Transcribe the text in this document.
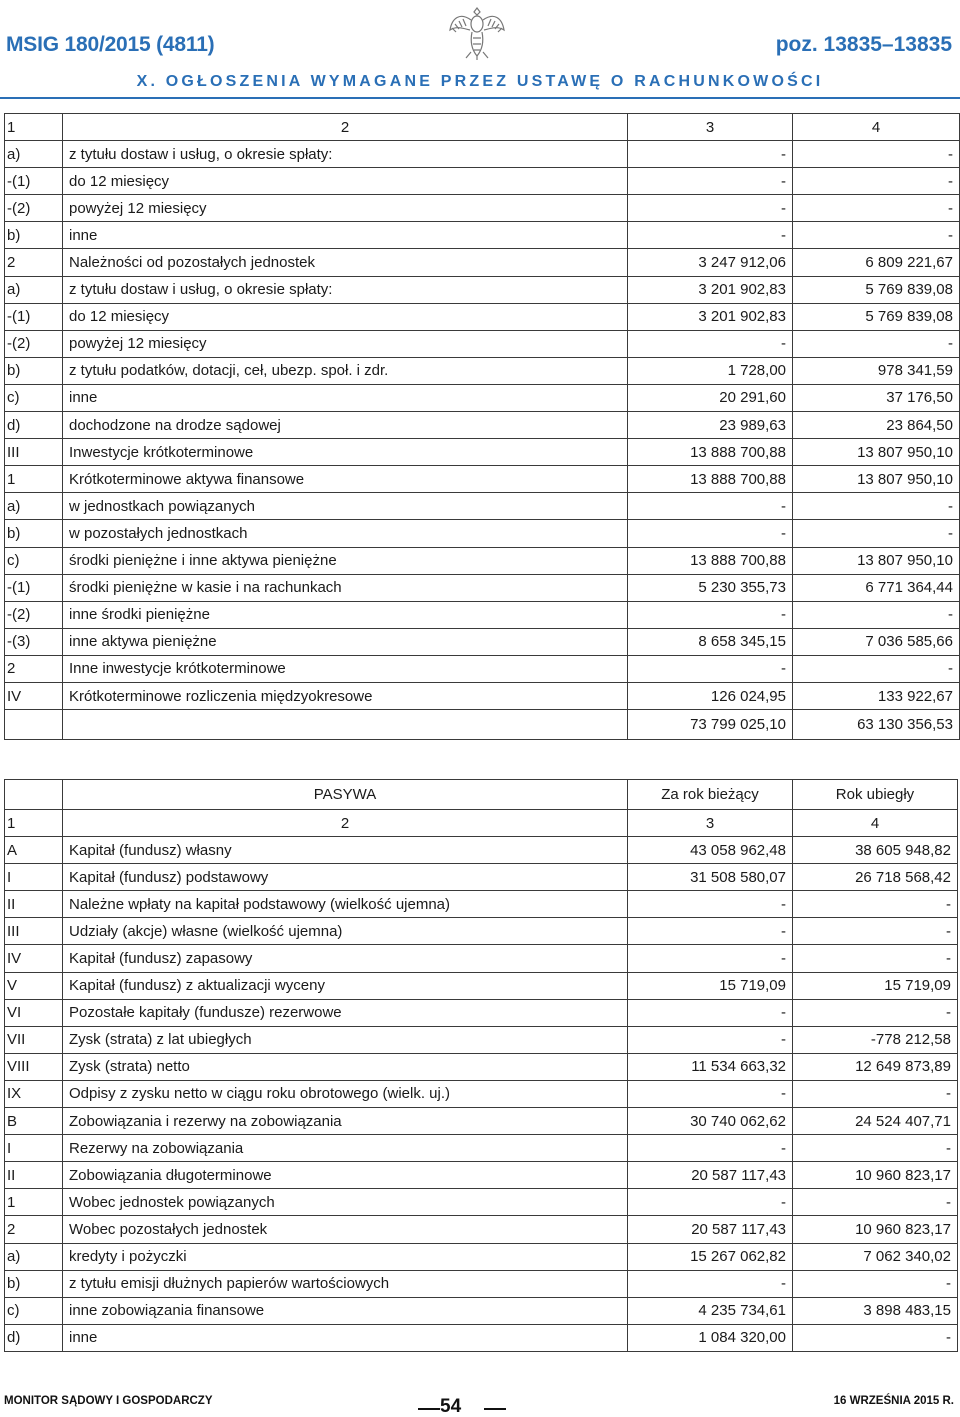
MSIG 180/2015 (4811)	poz. 13835–13835
X. OGŁOSZENIA WYMAGANE PRZEZ USTAWĘ O RACHUNKOWOŚCI
1	2	3	4
a)	z tytułu dostaw i usług, o okresie spłaty:	-	-
-(1)	do 12 miesięcy	-	-
-(2)	powyżej 12 miesięcy	-	-
b)	inne	-	-
2	Należności od pozostałych jednostek	3 247 912,06	6 809 221,67
a)	z tytułu dostaw i usług, o okresie spłaty:	3 201 902,83	5 769 839,08
-(1)	do 12 miesięcy	3 201 902,83	5 769 839,08
-(2)	powyżej 12 miesięcy	-	-
b)	z tytułu podatków, dotacji, ceł, ubezp. społ. i zdr.	1 728,00	978 341,59
c)	inne	20 291,60	37 176,50
d)	dochodzone na drodze sądowej	23 989,63	23 864,50
III	Inwestycje krótkoterminowe	13 888 700,88	13 807 950,10
1	Krótkoterminowe aktywa finansowe	13 888 700,88	13 807 950,10
a)	w jednostkach powiązanych	-	-
b)	w pozostałych jednostkach	-	-
c)	środki pieniężne i inne aktywa pieniężne	13 888 700,88	13 807 950,10
-(1)	środki pieniężne w kasie i na rachunkach	5 230 355,73	6 771 364,44
-(2)	inne środki pieniężne	-	-
-(3)	inne aktywa pieniężne	8 658 345,15	7 036 585,66
2	Inne inwestycje krótkoterminowe	-	-
IV	Krótkoterminowe rozliczenia międzyokresowe	126 024,95	133 922,67
		73 799 025,10	63 130 356,53
	PASYWA	Za rok bieżący	Rok ubiegły
1	2	3	4
A	Kapitał (fundusz) własny	43 058 962,48	38 605 948,82
I	Kapitał (fundusz) podstawowy	31 508 580,07	26 718 568,42
II	Należne wpłaty na kapitał podstawowy (wielkość ujemna)	-	-
III	Udziały (akcje) własne (wielkość ujemna)	-	-
IV	Kapitał (fundusz) zapasowy	-	-
V	Kapitał (fundusz) z aktualizacji wyceny	15 719,09	15 719,09
VI	Pozostałe kapitały (fundusze) rezerwowe	-	-
VII	Zysk (strata) z lat ubiegłych	-	-778 212,58
VIII	Zysk (strata) netto	11 534 663,32	12 649 873,89
IX	Odpisy z zysku netto w ciągu roku obrotowego (wielk. uj.)	-	-
B	Zobowiązania i rezerwy na zobowiązania	30 740 062,62	24 524 407,71
I	Rezerwy na zobowiązania	-	-
II	Zobowiązania długoterminowe	20 587 117,43	10 960 823,17
1	Wobec jednostek powiązanych	-	-
2	Wobec pozostałych jednostek	20 587 117,43	10 960 823,17
a)	kredyty i pożyczki	15 267 062,82	7 062 340,02
b)	z tytułu emisji dłużnych papierów wartościowych	-	-
c)	inne zobowiązania finansowe	4 235 734,61	3 898 483,15
d)	inne	1 084 320,00	-
MONITOR SĄDOWY I GOSPODARCZY	54	16 WRZEŚNIA 2015 R.
